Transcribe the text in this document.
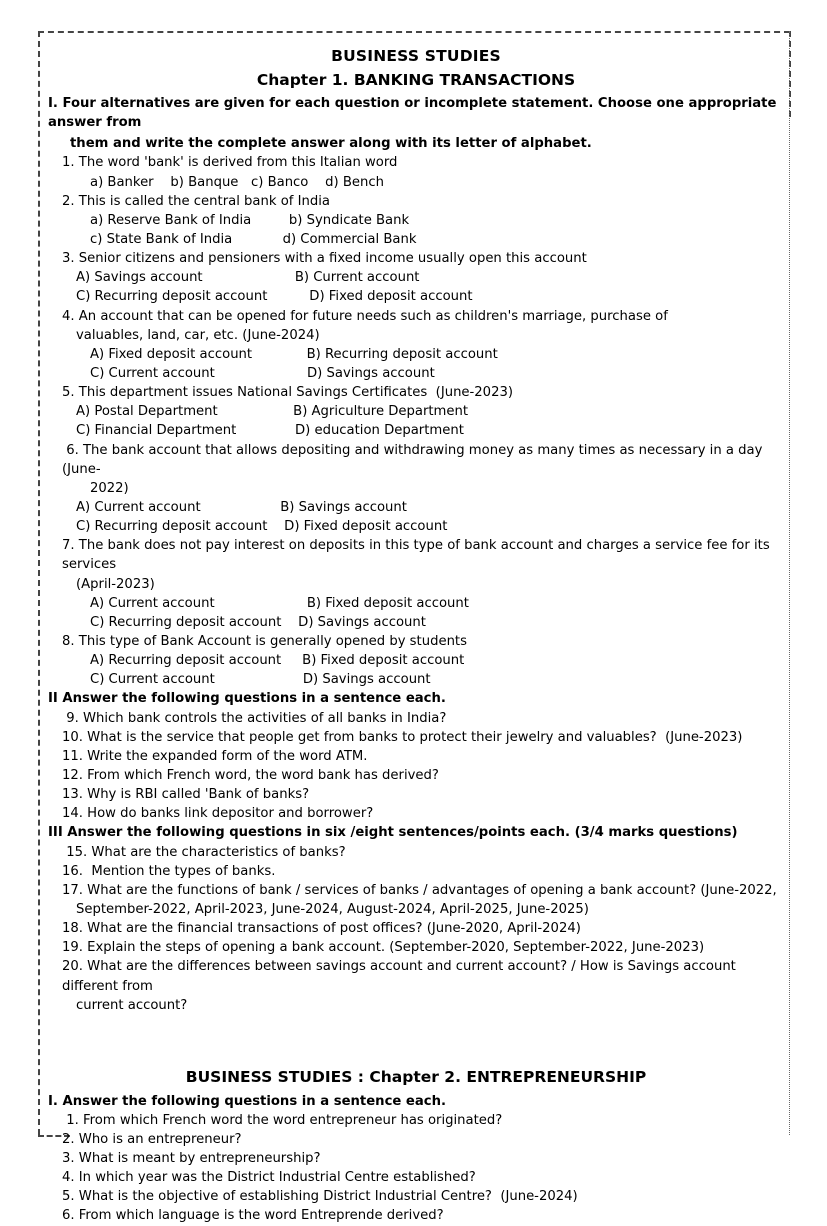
BUSINESS STUDIES
Chapter 1. BANKING TRANSACTIONS
I. Four alternatives are given for each question or incomplete statement. Choose one appropriate answer from
them and write the complete answer along with its letter of alphabet.
1. The word 'bank' is derived from this Italian word
a) Banker    b) Banque   c) Banco    d) Bench
2. This is called the central bank of India
a) Reserve Bank of India         b) Syndicate Bank
c) State Bank of India            d) Commercial Bank
3. Senior citizens and pensioners with a fixed income usually open this account
A) Savings account                      B) Current account
C) Recurring deposit account          D) Fixed deposit account
4. An account that can be opened for future needs such as children's marriage, purchase of
valuables, land, car, etc. (June-2024)
A) Fixed deposit account             B) Recurring deposit account
C) Current account                      D) Savings account
5. This department issues National Savings Certificates  (June-2023)
A) Postal Department                  B) Agriculture Department
C) Financial Department              D) education Department
6. The bank account that allows depositing and withdrawing money as many times as necessary in a day  (June-
2022)
A) Current account                   B) Savings account
C) Recurring deposit account    D) Fixed deposit account
7. The bank does not pay interest on deposits in this type of bank account and charges a service fee for its services
(April-2023)
A) Current account                      B) Fixed deposit account
C) Recurring deposit account    D) Savings account
8. This type of Bank Account is generally opened by students
A) Recurring deposit account     B) Fixed deposit account
C) Current account                     D) Savings account
II Answer the following questions in a sentence each.
9. Which bank controls the activities of all banks in India?
10. What is the service that people get from banks to protect their jewelry and valuables?  (June-2023)
11. Write the expanded form of the word ATM.
12. From which French word, the word bank has derived?
13. Why is RBI called 'Bank of banks?
14. How do banks link depositor and borrower?
III Answer the following questions in six /eight sentences/points each. (3/4 marks questions)
15. What are the characteristics of banks?
16.  Mention the types of banks.
17. What are the functions of bank / services of banks / advantages of opening a bank account? (June-2022,
September-2022, April-2023, June-2024, August-2024, April-2025, June-2025)
18. What are the financial transactions of post offices? (June-2020, April-2024)
19. Explain the steps of opening a bank account. (September-2020, September-2022, June-2023)
20. What are the differences between savings account and current account? / How is Savings account different from
current account?
BUSINESS STUDIES : Chapter 2. ENTREPRENEURSHIP
I. Answer the following questions in a sentence each.
1. From which French word the word entrepreneur has originated?
2. Who is an entrepreneur?
3. What is meant by entrepreneurship?
4. In which year was the District Industrial Centre established?
5. What is the objective of establishing District Industrial Centre?  (June-2024)
6. From which language is the word Entreprende derived?
